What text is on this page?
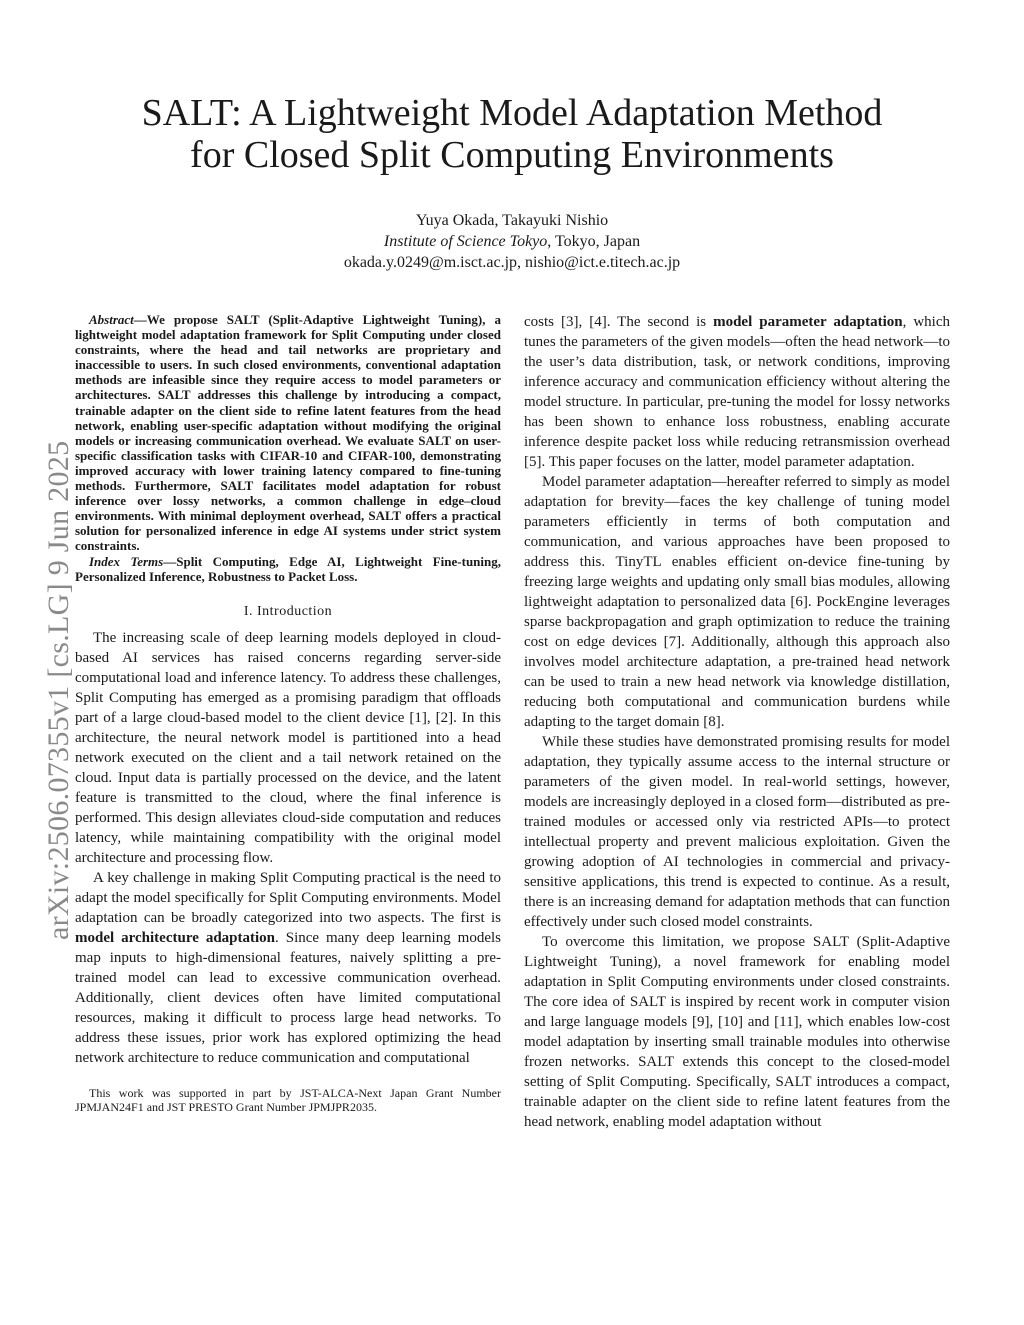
arXiv:2506.07355v1 [cs.LG] 9 Jun 2025
SALT: A Lightweight Model Adaptation Method
for Closed Split Computing Environments
Yuya Okada, Takayuki Nishio
Institute of Science Tokyo, Tokyo, Japan
okada.y.0249@m.isct.ac.jp, nishio@ict.e.titech.ac.jp

Abstract—We propose SALT (Split-Adaptive Lightweight Tuning), a lightweight model adaptation framework for Split Computing under closed constraints, where the head and tail networks are proprietary and inaccessible to users. In such closed environments, conventional adaptation methods are infeasible since they require access to model parameters or architectures. SALT addresses this challenge by introducing a compact, trainable adapter on the client side to refine latent features from the head network, enabling user-specific adaptation without modifying the original models or increasing communication overhead. We evaluate SALT on user-specific classification tasks with CIFAR-10 and CIFAR-100, demonstrating improved accuracy with lower training latency compared to fine-tuning methods. Furthermore, SALT facilitates model adaptation for robust inference over lossy networks, a common challenge in edge–cloud environments. With minimal deployment overhead, SALT offers a practical solution for personalized inference in edge AI systems under strict system constraints.

Index Terms—Split Computing, Edge AI, Lightweight Fine-tuning, Personalized Inference, Robustness to Packet Loss.

I. Introduction

The increasing scale of deep learning models deployed in cloud-based AI services has raised concerns regarding server-side computational load and inference latency. To address these challenges, Split Computing has emerged as a promising paradigm that offloads part of a large cloud-based model to the client device [1], [2]. In this architecture, the neural network model is partitioned into a head network executed on the client and a tail network retained on the cloud. Input data is partially processed on the device, and the latent feature is transmitted to the cloud, where the final inference is performed. This design alleviates cloud-side computation and reduces latency, while maintaining compatibility with the original model architecture and processing flow.

A key challenge in making Split Computing practical is the need to adapt the model specifically for Split Computing environments. Model adaptation can be broadly categorized into two aspects. The first is model architecture adaptation. Since many deep learning models map inputs to high-dimensional features, naively splitting a pre-trained model can lead to excessive communication overhead. Additionally, client devices often have limited computational resources, making it difficult to process large head networks. To address these issues, prior work has explored optimizing the head network architecture to reduce communication and computational

This work was supported in part by JST-ALCA-Next Japan Grant Number JPMJAN24F1 and JST PRESTO Grant Number JPMJPR2035.

costs [3], [4]. The second is model parameter adaptation, which tunes the parameters of the given models—often the head network—to the user’s data distribution, task, or network conditions, improving inference accuracy and communication efficiency without altering the model structure. In particular, pre-tuning the model for lossy networks has been shown to enhance loss robustness, enabling accurate inference despite packet loss while reducing retransmission overhead [5]. This paper focuses on the latter, model parameter adaptation.

Model parameter adaptation—hereafter referred to simply as model adaptation for brevity—faces the key challenge of tuning model parameters efficiently in terms of both computation and communication, and various approaches have been proposed to address this. TinyTL enables efficient on-device fine-tuning by freezing large weights and updating only small bias modules, allowing lightweight adaptation to personalized data [6]. PockEngine leverages sparse backpropagation and graph optimization to reduce the training cost on edge devices [7]. Additionally, although this approach also involves model architecture adaptation, a pre-trained head network can be used to train a new head network via knowledge distillation, reducing both computational and communication burdens while adapting to the target domain [8].

While these studies have demonstrated promising results for model adaptation, they typically assume access to the internal structure or parameters of the given model. In real-world settings, however, models are increasingly deployed in a closed form—distributed as pre-trained modules or accessed only via restricted APIs—to protect intellectual property and prevent malicious exploitation. Given the growing adoption of AI technologies in commercial and privacy-sensitive applications, this trend is expected to continue. As a result, there is an increasing demand for adaptation methods that can function effectively under such closed model constraints.

To overcome this limitation, we propose SALT (Split-Adaptive Lightweight Tuning), a novel framework for enabling model adaptation in Split Computing environments under closed constraints. The core idea of SALT is inspired by recent work in computer vision and large language models [9], [10] and [11], which enables low-cost model adaptation by inserting small trainable modules into otherwise frozen networks. SALT extends this concept to the closed-model setting of Split Computing. Specifically, SALT introduces a compact, trainable adapter on the client side to refine latent features from the head network, enabling model adaptation without
